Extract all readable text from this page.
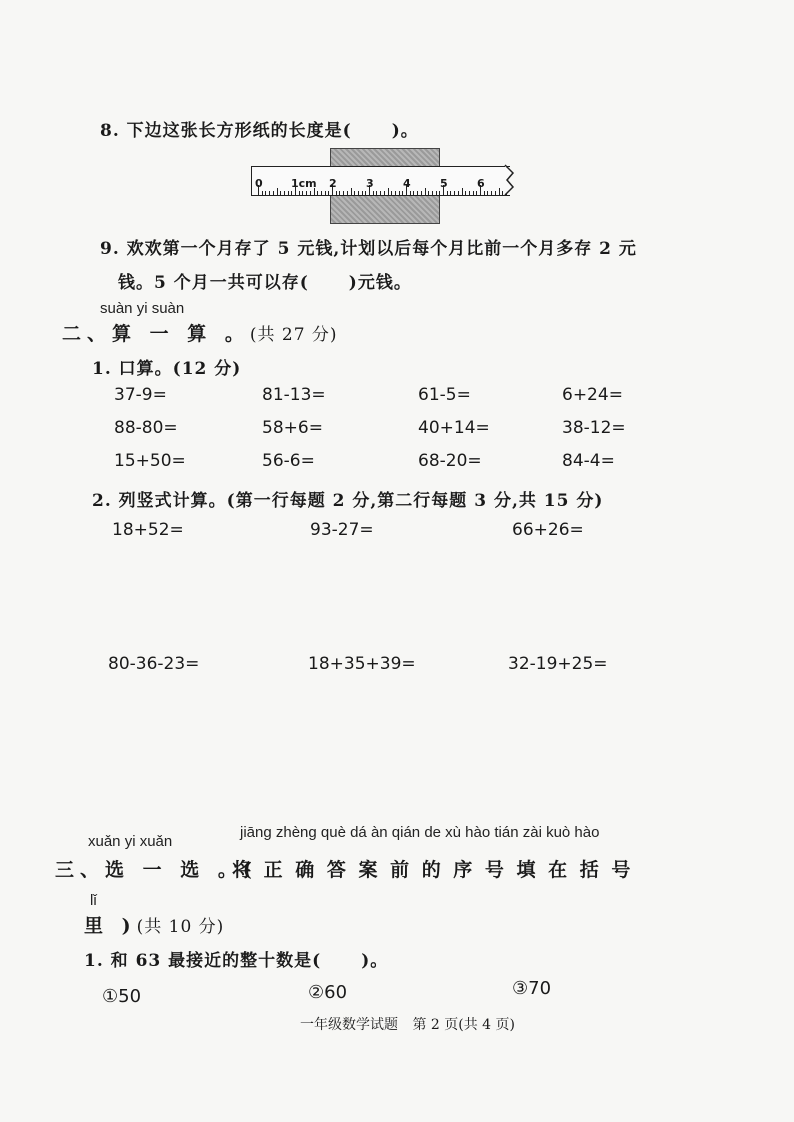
8. 下边这张长方形纸的长度是( )。
0	1cm 2	3	4	5	6
9. 欢欢第一个月存了 5 元钱,计划以后每个月比前一个月多存 2 元
钱。5 个月一共可以存( )元钱。
suàn yi suàn
二、算 一 算 。(共 27 分)
1. 口算。(12 分)
37-9=	81-13=	61-5=	6+24=
88-80=	58+6=	40+14=	38-12=
15+50=	56-6=	68-20=	84-4=
2. 列竖式计算。(第一行每题 2 分,第二行每题 3 分,共 15 分)
18+52=	93-27=	66+26=
80-36-23=	18+35+39=	32-19+25=
xuǎn yi xuǎn
jiāng zhèng què dá àn qián de xù hào tián zài kuò hào
三、选 一 选 。(
将 正 确 答 案 前 的 序 号 填 在 括 号
lǐ
里 )(共 10 分)
1. 和 63 最接近的整十数是( )。
①50	②60	③70
一年级数学试题 第 2 页(共 4 页)
